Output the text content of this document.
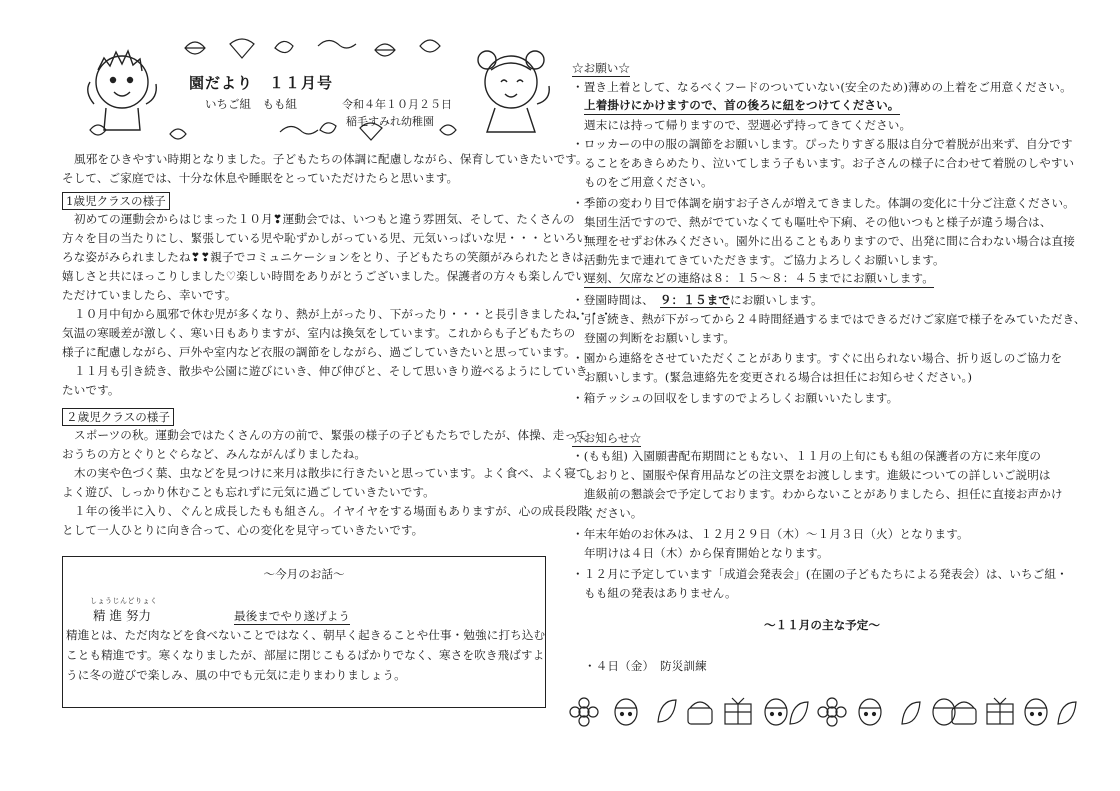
園だより　１１月号
いちご組　もも組	令和４年１０月２５日
稲毛すみれ幼稚園
風邪をひきやすい時期となりました。子どもたちの体調に配慮しながら、保育していきたいです。
そして、ご家庭では、十分な休息や睡眠をとっていただけたらと思います。
1歳児クラスの様子
初めての運動会からはじまった１０月❣運動会では、いつもと違う雰囲気、そして、たくさんの
方々を目の当たりにし、緊張している児や恥ずかしがっている児、元気いっぱいな児・・・といろい
ろな姿がみられましたね❣❣親子でコミュニケーションをとり、子どもたちの笑顔がみられたときは、
嬉しさと共にほっこりしました♡楽しい時間をありがとうございました。保護者の方々も楽しんでい
ただけていましたら、幸いです。
１０月中旬から風邪で休む児が多くなり、熱が上がったり、下がったり・・・と長引きましたね・・・。
気温の寒暖差が激しく、寒い日もありますが、室内は換気をしています。これからも子どもたちの
様子に配慮しながら、戸外や室内など衣服の調節をしながら、過ごしていきたいと思っています。
１１月も引き続き、散歩や公園に遊びにいき、伸び伸びと、そして思いきり遊べるようにしていき
たいです。
２歳児クラスの様子
スポーツの秋。運動会ではたくさんの方の前で、緊張の様子の子どもたちでしたが、体操、走って
おうちの方とぐりとぐらなど、みんながんばりましたね。
木の実や色づく葉、虫などを見つけに来月は散歩に行きたいと思っています。よく食べ、よく寝て、
よく遊び、しっかり休むことも忘れずに元気に過ごしていきたいです。
１年の後半に入り、ぐんと成長したもも組さん。イヤイヤをする場面もありますが、心の成長段階
として一人ひとりに向き合って、心の変化を見守っていきたいです。
〜今月のお話〜
しょうじんどりょく
精 進 努力	最後までやり遂げよう
精進とは、ただ肉などを食べないことではなく、朝早く起きることや仕事・勉強に打ち込む
ことも精進です。寒くなりましたが、部屋に閉じこもるばかりでなく、寒さを吹き飛ばすよ
うに冬の遊びで楽しみ、風の中でも元気に走りまわりましょう。
☆お願い☆
・置き上着として、なるべくフードのついていない(安全のため)薄めの上着をご用意ください。
上着掛けにかけますので、首の後ろに紐をつけてください。
週末には持って帰りますので、翌週必ず持ってきてください。
・ロッカーの中の服の調節をお願いします。ぴったりすぎる服は自分で着脱が出来ず、自分です
ることをあきらめたり、泣いてしまう子もいます。お子さんの様子に合わせて着脱のしやすい
ものをご用意ください。
・季節の変わり目で体調を崩すお子さんが増えてきました。体調の変化に十分ご注意ください。
集団生活ですので、熱がでていなくても嘔吐や下痢、その他いつもと様子が違う場合は、
無理をせずお休みください。園外に出ることもありますので、出発に間に合わない場合は直接
活動先まで連れてきていただきます。ご協力よろしくお願いします。
遅刻、欠席などの連絡は８：１５〜８：４５までにお願いします。
・登園時間は、 ９：１５までにお願いします。
・引き続き、熱が下がってから２４時間経過するまではできるだけご家庭で様子をみていただき、
登園の判断をお願いします。
・園から連絡をさせていただくことがあります。すぐに出られない場合、折り返しのご協力を
お願いします。(緊急連絡先を変更される場合は担任にお知らせください。)
・箱テッシュの回収をしますのでよろしくお願いいたします。
☆お知らせ☆
・(もも組) 入園願書配布期間にともない、１１月の上旬にもも組の保護者の方に来年度の
しおりと、園服や保育用品などの注文票をお渡しします。進級についての詳しいご説明は
進級前の懇談会で予定しております。わからないことがありましたら、担任に直接お声かけ
ください。
・年末年始のお休みは、１２月２９日（木）〜１月３日（火）となります。
年明けは４日（木）から保育開始となります。
・１２月に予定しています「成道会発表会」(在園の子どもたちによる発表会）は、いちご組・
もも組の発表はありません。
〜１１月の主な予定〜
・４日（金）　防災訓練
